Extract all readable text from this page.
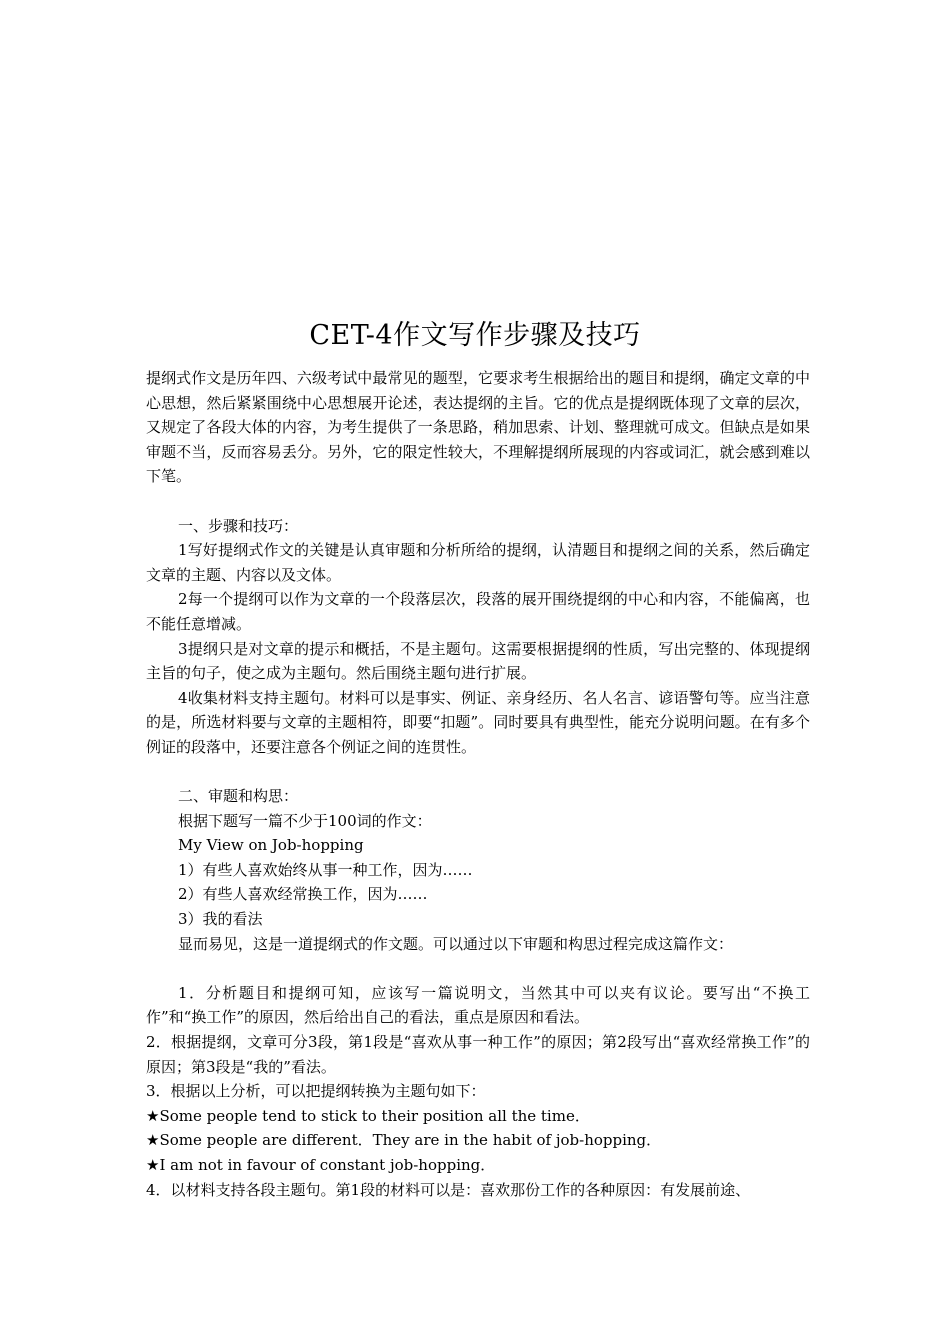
CET-4作文写作步骤及技巧

提纲式作文是历年四、六级考试中最常见的题型，它要求考生根据给出的题目和提纲，确定文章的中心思想，然后紧紧围绕中心思想展开论述，表达提纲的主旨。它的优点是提纲既体现了文章的层次，又规定了各段大体的内容，为考生提供了一条思路，稍加思索、计划、整理就可成文。但缺点是如果审题不当，反而容易丢分。另外，它的限定性较大，不理解提纲所展现的内容或词汇，就会感到难以下笔。

一、步骤和技巧：

1写好提纲式作文的关键是认真审题和分析所给的提纲，认清题目和提纲之间的关系，然后确定文章的主题、内容以及文体。

2每一个提纲可以作为文章的一个段落层次，段落的展开围绕提纲的中心和内容，不能偏离，也不能任意增减。

3提纲只是对文章的提示和概括，不是主题句。这需要根据提纲的性质，写出完整的、体现提纲主旨的句子，使之成为主题句。然后围绕主题句进行扩展。

4收集材料支持主题句。材料可以是事实、例证、亲身经历、名人名言、谚语警句等。应当注意的是，所选材料要与文章的主题相符，即要“扣题”。同时要具有典型性，能充分说明问题。在有多个例证的段落中，还要注意各个例证之间的连贯性。

二、审题和构思：

根据下题写一篇不少于100词的作文：

My View on Job-hopping

1）有些人喜欢始终从事一种工作，因为……

2）有些人喜欢经常换工作，因为……

3）我的看法

显而易见，这是一道提纲式的作文题。可以通过以下审题和构思过程完成这篇作文：

1．分析题目和提纲可知，应该写一篇说明文，当然其中可以夹有议论。要写出“不换工作”和“换工作”的原因，然后给出自己的看法，重点是原因和看法。

2．根据提纲，文章可分3段，第1段是“喜欢从事一种工作”的原因；第2段写出“喜欢经常换工作”的原因；第3段是“我的”看法。

3．根据以上分析，可以把提纲转换为主题句如下：

★Some people tend to stick to their position all the time．

★Some people are different．They are in the habit of job-hopping．

★I am not in favour of constant job-hopping．

4．以材料支持各段主题句。第1段的材料可以是：喜欢那份工作的各种原因：有发展前途、
